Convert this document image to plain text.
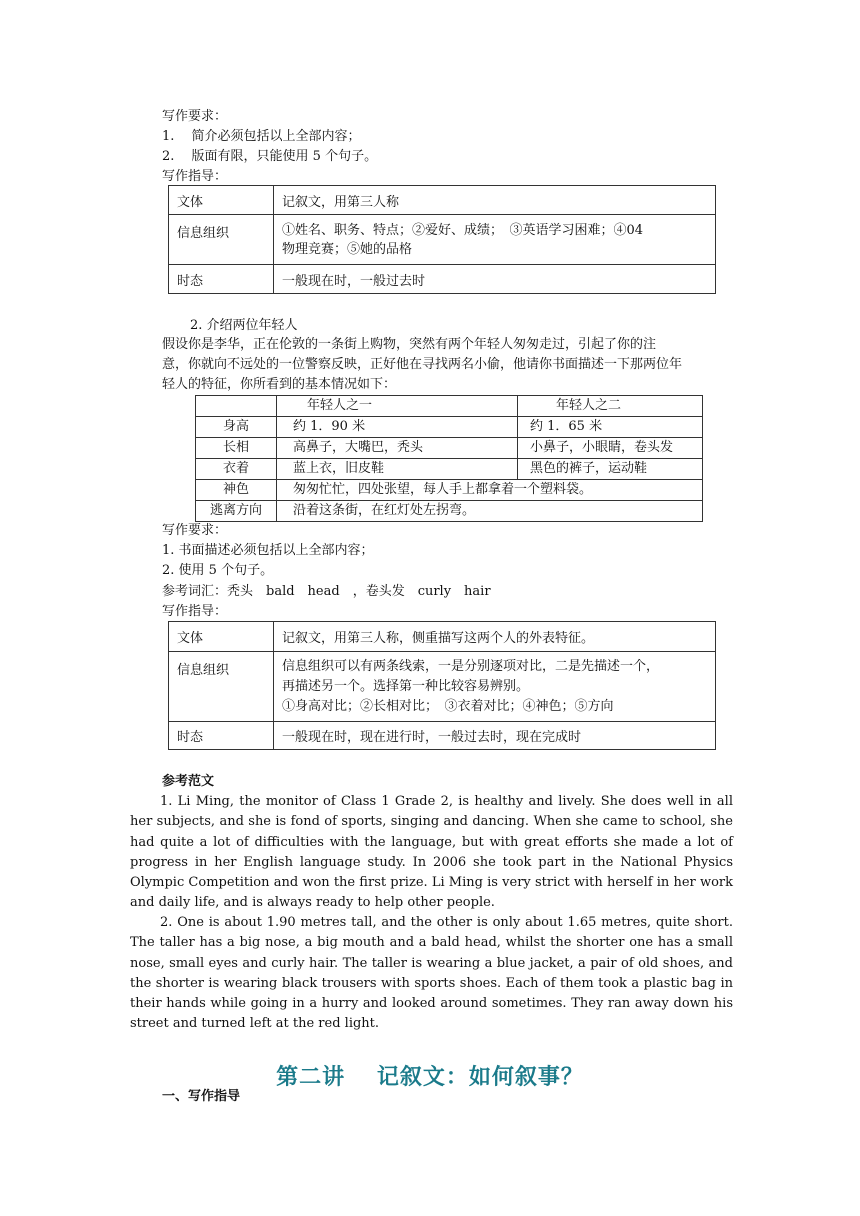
写作要求：
1.　 简介必须包括以上全部内容；
2.　 版面有限，只能使用 5 个句子。
写作指导：
文体	记叙文，用第三人称
信息组织	①姓名、职务、特点；②爱好、成绩；　③英语学习困难；④04
物理竞赛；⑤她的品格

时态	一般现在时，一般过去时
2. 介绍两位年轻人
假设你是李华，正在伦敦的一条街上购物，突然有两个年轻人匆匆走过，引起了你的注
意，你就向不远处的一位警察反映，正好他在寻找两名小偷，他请你书面描述一下那两位年
轻人的特征，你所看到的基本情况如下：
	年轻人之一	年轻人之二
身高	约 1．90 米	约 1．65 米
长相	高鼻子，大嘴巴，秃头	小鼻子，小眼睛，卷头发
衣着	蓝上衣，旧皮鞋	黑色的裤子，运动鞋
神色	匆匆忙忙，四处张望，每人手上都拿着一个塑料袋。	
逃离方向	沿着这条街，在红灯处左拐弯。	
写作要求：
1. 书面描述必须包括以上全部内容；
2. 使用 5 个句子。
参考词汇：秃头　bald　head　，卷头发　curly　hair
写作指导：
文体	记叙文，用第三人称，侧重描写这两个人的外表特征。
信息组织	信息组织可以有两条线索，一是分别逐项对比，二是先描述一个，
再描述另一个。选择第一种比较容易辨别。
①身高对比；②长相对比；　③衣着对比；④神色；⑤方向

时态	一般现在时，现在进行时，一般过去时，现在完成时
参考范文
1. Li Ming, the monitor of Class 1 Grade 2, is healthy and lively. She does well in all her subjects, and she is fond of sports, singing and dancing. When she came to school, she had quite a lot of difficulties with the language, but with great efforts she made a lot of progress in her English language study. In 2006 she took part in the National Physics Olympic Competition and won the first prize. Li Ming is very strict with herself in her work and daily life, and is always ready to help other people.
2. One is about 1.90 metres tall, and the other is only about 1.65 metres, quite short. The taller has a big nose, a big mouth and a bald head, whilst the shorter one has a small nose, small eyes and curly hair. The taller is wearing a blue jacket, a pair of old shoes, and the shorter is wearing black trousers with sports shoes. Each of them took a plastic bag in their hands while going in a hurry and looked around sometimes. They ran away down his street and turned left at the red light.
第二讲　 记叙文：如何叙事？
一、写作指导
